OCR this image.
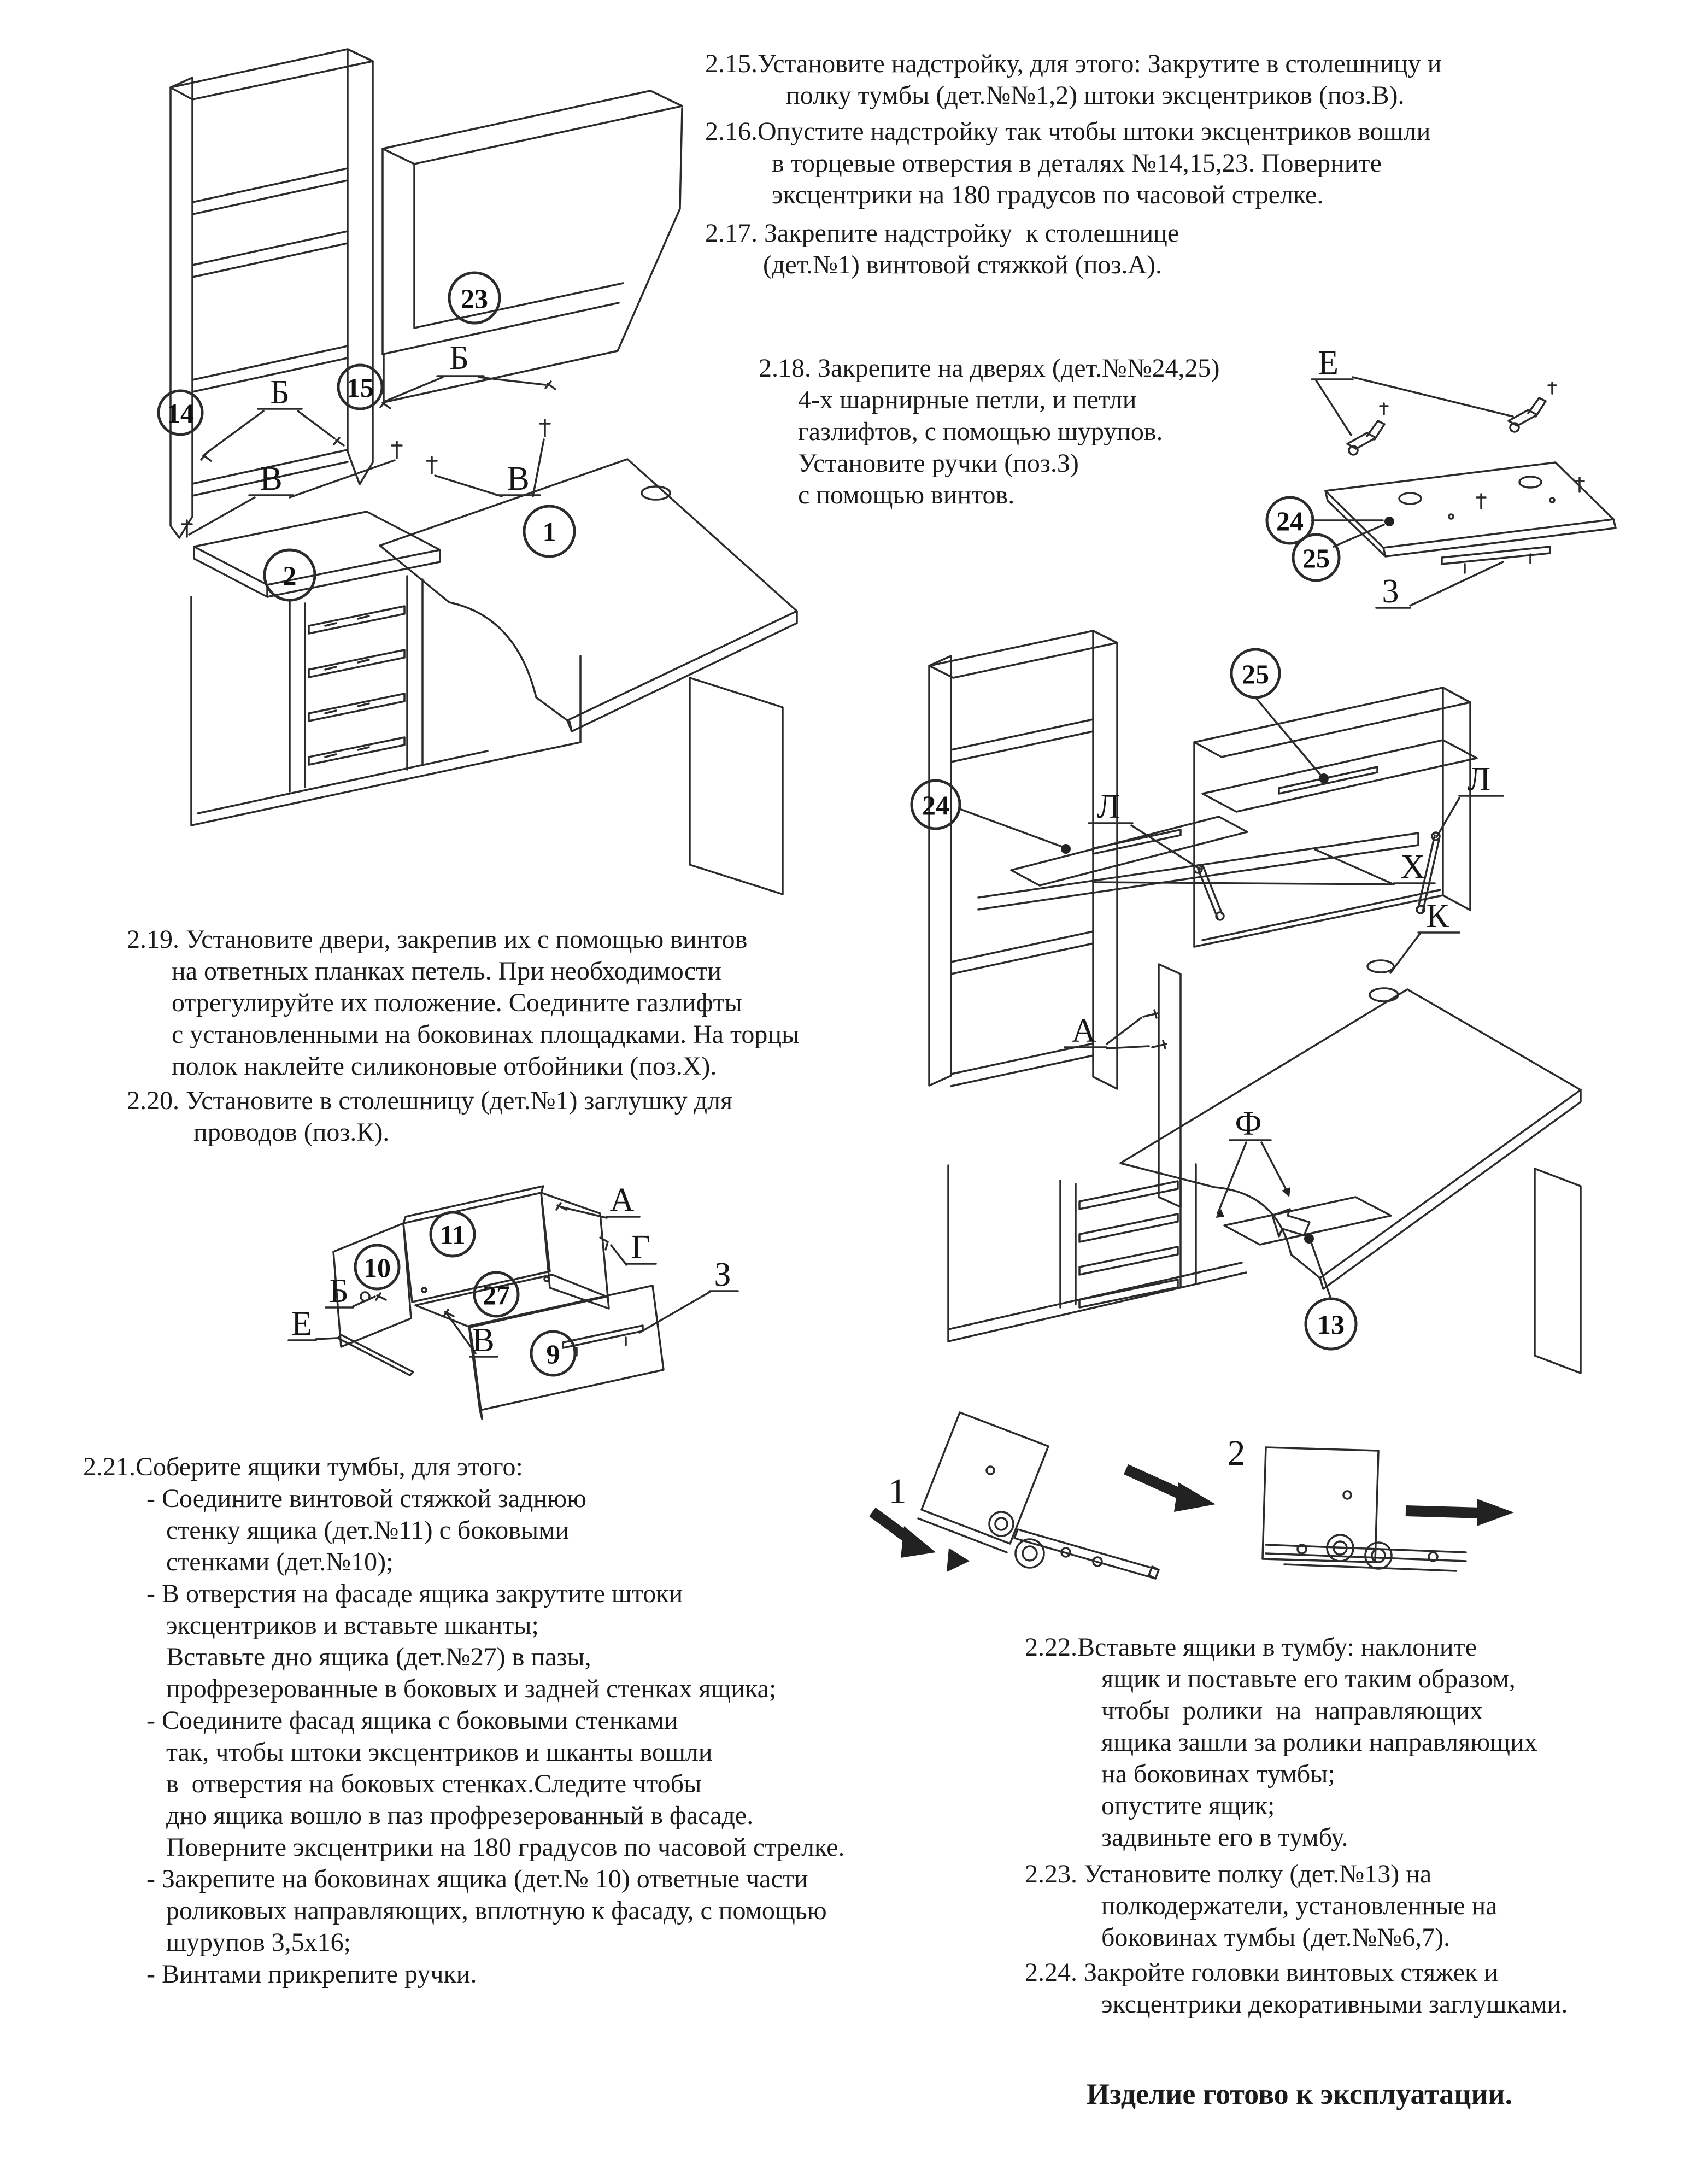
2.15.Установите надстройку, для этого: Закрутите в столешницу и
полку тумбы (дет.№№1,2) штоки эксцентриков (поз.В).
2.16.Опустите надстройку так чтобы штоки эксцентриков вошли
в торцевые отверстия в деталях №14,15,23. Поверните
эксцентрики на 180 градусов по часовой стрелке.
2.17. Закрепите надстройку  к столешнице
(дет.№1) винтовой стяжкой (поз.А).
2.18. Закрепите на дверях (дет.№№24,25)
4-х шарнирные петли, и петли
газлифтов, с помощью шурупов.
Установите ручки (поз.З)
с помощью винтов.
2.19. Установите двери, закрепив их с помощью винтов
на ответных планках петель. При необходимости
отрегулируйте их положение. Соедините газлифты
с установленными на боковинах площадками. На торцы
полок наклейте силиконовые отбойники (поз.Х).
2.20. Установите в столешницу (дет.№1) заглушку для
проводов (поз.К).
2.21.Соберите ящики тумбы, для этого:
- Соедините винтовой стяжкой заднюю
стенку ящика (дет.№11) с боковыми
стенками (дет.№10);
- В отверстия на фасаде ящика закрутите штоки
эксцентриков и вставьте шканты;
Вставьте дно ящика (дет.№27) в пазы,
профрезерованные в боковых и задней стенках ящика;
- Соедините фасад ящика с боковыми стенками
так, чтобы штоки эксцентриков и шканты вошли
в  отверстия на боковых стенках.Следите чтобы
дно ящика вошло в паз профрезерованный в фасаде.
Поверните эксцентрики на 180 градусов по часовой стрелке.
- Закрепите на боковинах ящика (дет.№ 10) ответные части
роликовых направляющих, вплотную к фасаду, с помощью
шурупов 3,5х16;
- Винтами прикрепите ручки.
2.22.Вставьте ящики в тумбу: наклоните
ящик и поставьте его таким образом,
чтобы  ролики  на  направляющих
ящика зашли за ролики направляющих
на боковинах тумбы;
опустите ящик;
задвиньте его в тумбу.
2.23. Установите полку (дет.№13) на
полкодержатели, установленные на
боковинах тумбы (дет.№№6,7).
2.24. Закройте головки винтовых стяжек и
эксцентрики декоративными заглушками.
Изделие готово к эксплуатации.
23
15
14
1
2
Б
Б
В	В
Е
24
25
3
25
24
13
Л
Л
Х
К
А
Ф
11
10
27
9
А
Г
Б
Е	В
З
1
2
